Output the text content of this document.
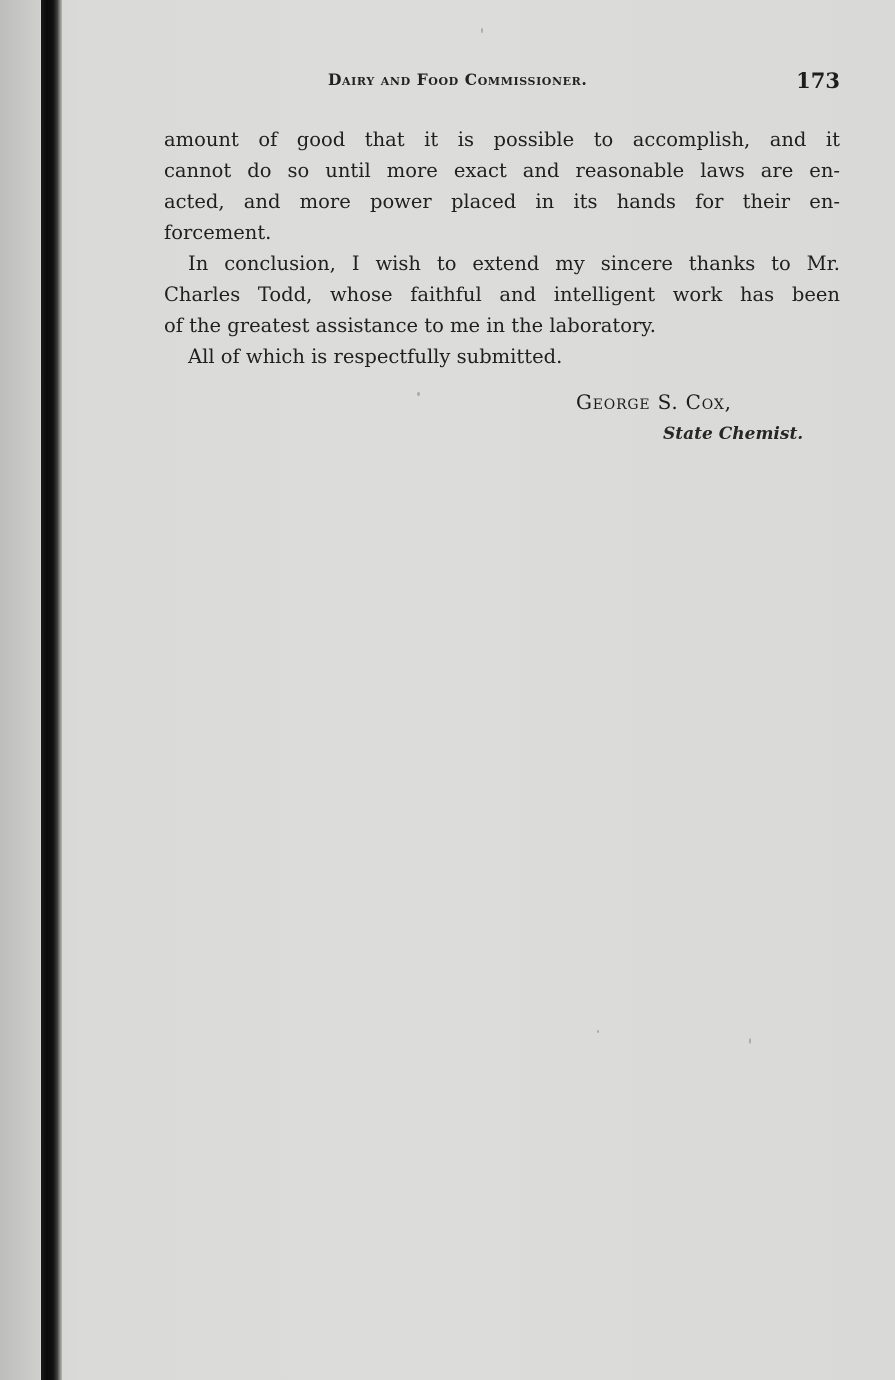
Dairy and Food Commissioner.	173
amount of good that it is possible to accomplish, and it
cannot do so until more exact and reasonable laws are en-
acted, and more power placed in its hands for their en-
forcement.
In conclusion, I wish to extend my sincere thanks to Mr.
Charles Todd, whose faithful and intelligent work has been
of the greatest assistance to me in the laboratory.
All of which is respectfully submitted.
George S. Cox,
State Chemist.
